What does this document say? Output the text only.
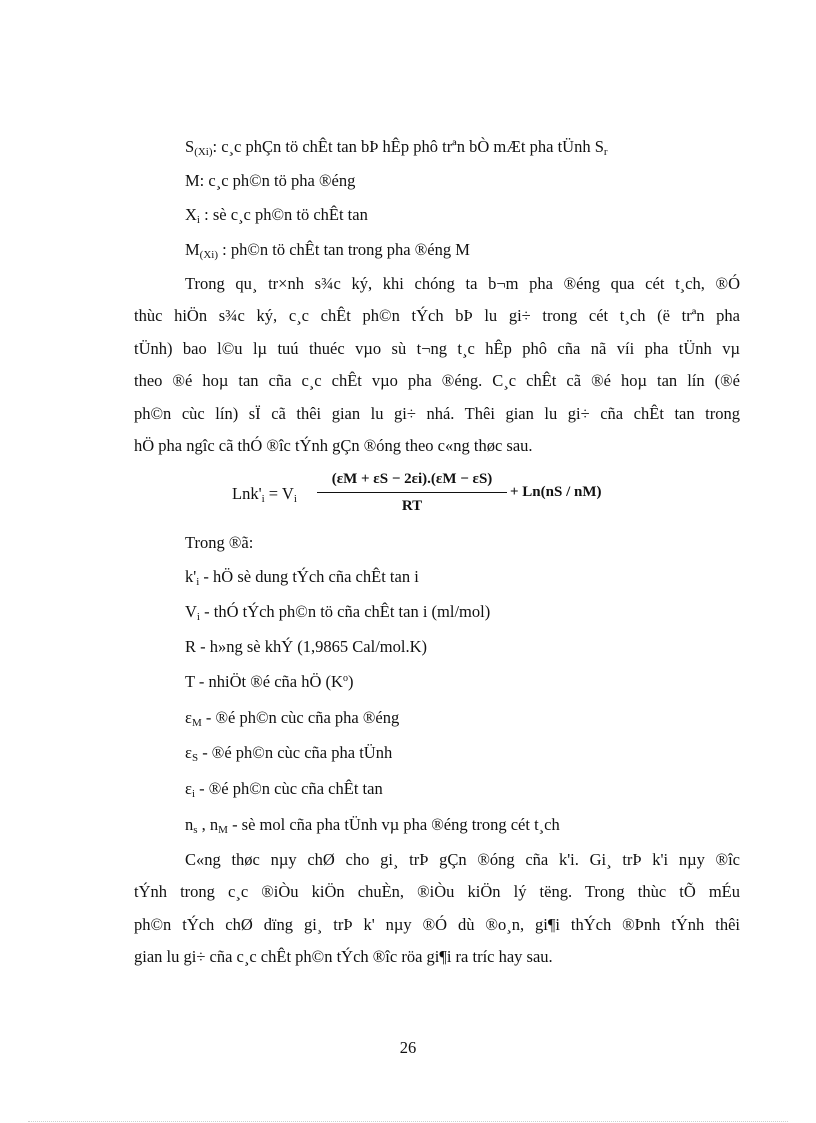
$S_{(Xi)}$: c¸c phÇn tö chÊt tan bÞ hÊp phô trªn bÒ mÆt pha tÜnh $S_r$
M: c¸c ph©n tö pha ®éng
$X_i$ : sè c¸c ph©n tö chÊt tan
$M_{(Xi)}$ : ph©n tö chÊt tan trong pha ®éng M
Trong qu¸ tr×nh s¾c ký, khi chóng ta b¬m pha ®éng qua cét t¸ch, ®Ó
thùc hiÖn s¾c ký, c¸c chÊt ph©n tÝch bÞ lu gi÷ trong cét t¸ch (ë trªn pha
tÜnh) bao l©u lµ tuú thuéc vµo sù t¬ng t¸c hÊp phô cña nã víi pha tÜnh vµ
theo ®é hoµ tan cña c¸c chÊt vµo pha ®éng. C¸c chÊt cã ®é hoµ tan lín (®é
ph©n cùc lín) sÏ cã thêi gian lu gi÷ nhá. Thêi gian lu gi÷ cña chÊt tan trong
hÖ pha ngîc cã thÓ ®îc tÝnh gÇn ®óng theo c«ng thøc sau.
$Lnk'_i = V_i$
(εM + εS − 2εi).(εM − εS)
RT
+ Ln(nS / nM)
Trong ®ã:
$k'_i$ - hÖ sè dung tÝch cña chÊt tan i
$V_i$ - thÓ tÝch ph©n tö cña chÊt tan i (ml/mol)
R - h»ng sè khÝ (1,9865 Cal/mol.K)
T - nhiÖt ®é cña hÖ $(K^o)$
$\varepsilon_M$ - ®é ph©n cùc cña pha ®éng
$\varepsilon_S$ - ®é ph©n cùc cña pha tÜnh
$\varepsilon_i$ - ®é ph©n cùc cña chÊt tan
$n_s$ , $n_M$ - sè mol cña pha tÜnh vµ pha ®éng trong cét t¸ch
C«ng thøc nµy chØ cho gi¸ trÞ gÇn ®óng cña k'i. Gi¸ trÞ k'i nµy ®îc
tÝnh trong c¸c ®iÒu kiÖn chuÈn, ®iÒu kiÖn lý tëng. Trong thùc tÕ mÉu
ph©n tÝch chØ dïng gi¸ trÞ k' nµy ®Ó dù ®o¸n, gi¶i thÝch ®Þnh tÝnh thêi
gian lu gi÷ cña c¸c chÊt ph©n tÝch ®îc röa gi¶i ra tríc hay sau.
26
